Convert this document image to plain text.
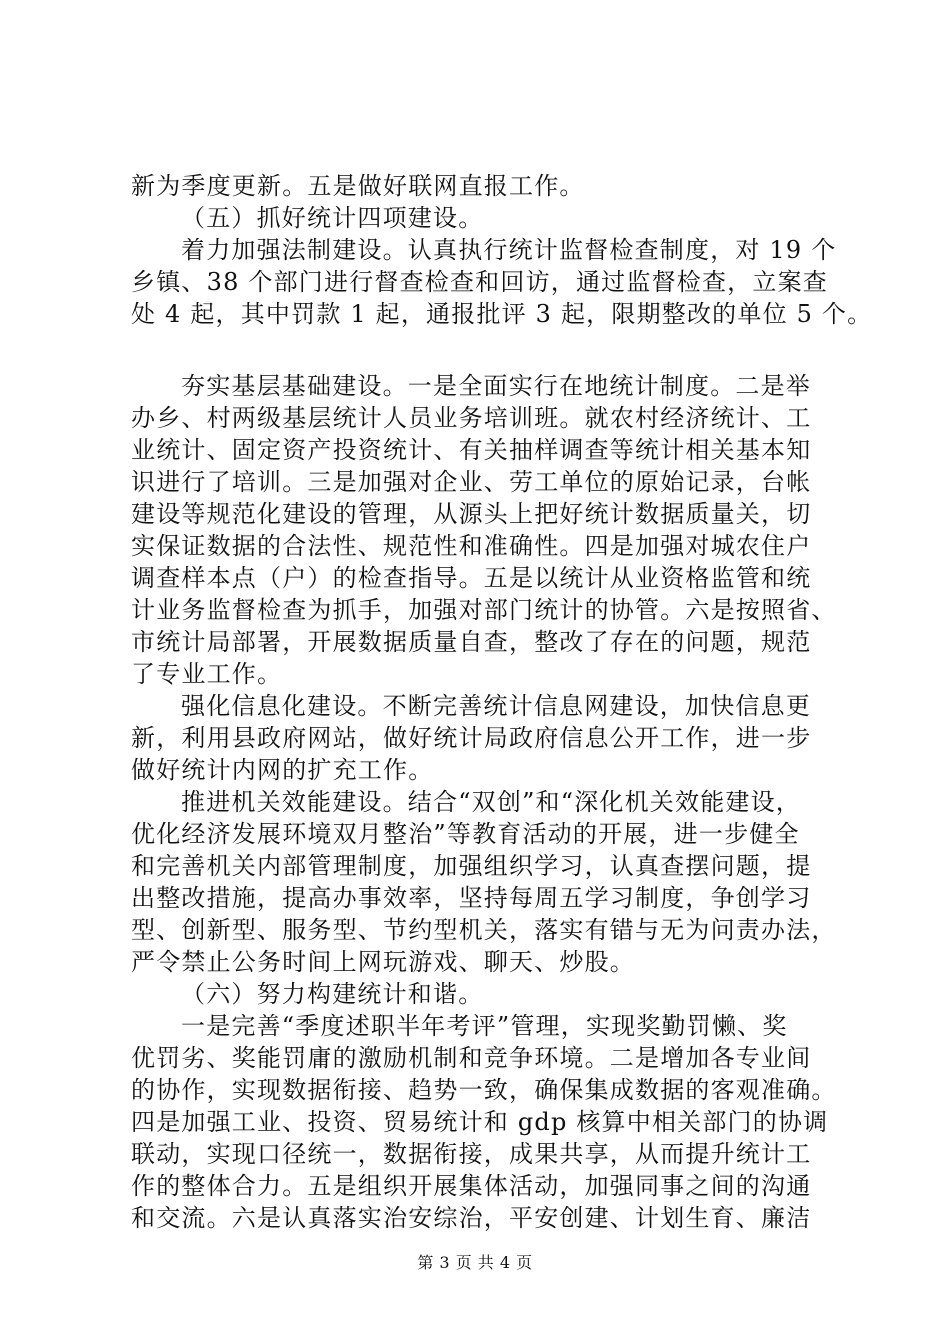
新为季度更新。五是做好联网直报工作。
（五）抓好统计四项建设。
着力加强法制建设。认真执行统计监督检查制度，对 19 个
乡镇、38 个部门进行督查检查和回访，通过监督检查，立案查
处 4 起，其中罚款 1 起，通报批评 3 起，限期整改的单位 5 个。
夯实基层基础建设。一是全面实行在地统计制度。二是举
办乡、村两级基层统计人员业务培训班。就农村经济统计、工
业统计、固定资产投资统计、有关抽样调查等统计相关基本知
识进行了培训。三是加强对企业、劳工单位的原始记录，台帐
建设等规范化建设的管理，从源头上把好统计数据质量关，切
实保证数据的合法性、规范性和准确性。四是加强对城农住户
调查样本点（户）的检查指导。五是以统计从业资格监管和统
计业务监督检查为抓手，加强对部门统计的协管。六是按照省、
市统计局部署，开展数据质量自查，整改了存在的问题，规范
了专业工作。
强化信息化建设。不断完善统计信息网建设，加快信息更
新，利用县政府网站，做好统计局政府信息公开工作，进一步
做好统计内网的扩充工作。
推进机关效能建设。结合“双创”和“深化机关效能建设，
优化经济发展环境双月整治”等教育活动的开展，进一步健全
和完善机关内部管理制度，加强组织学习，认真查摆问题，提
出整改措施，提高办事效率，坚持每周五学习制度，争创学习
型、创新型、服务型、节约型机关，落实有错与无为问责办法，
严令禁止公务时间上网玩游戏、聊天、炒股。
（六）努力构建统计和谐。
一是完善“季度述职半年考评”管理，实现奖勤罚懒、奖
优罚劣、奖能罚庸的激励机制和竞争环境。二是增加各专业间
的协作，实现数据衔接、趋势一致，确保集成数据的客观准确。
四是加强工业、投资、贸易统计和 gdp 核算中相关部门的协调
联动，实现口径统一，数据衔接，成果共享，从而提升统计工
作的整体合力。五是组织开展集体活动，加强同事之间的沟通
和交流。六是认真落实治安综治，平安创建、计划生育、廉洁
第 3 页 共 4 页
